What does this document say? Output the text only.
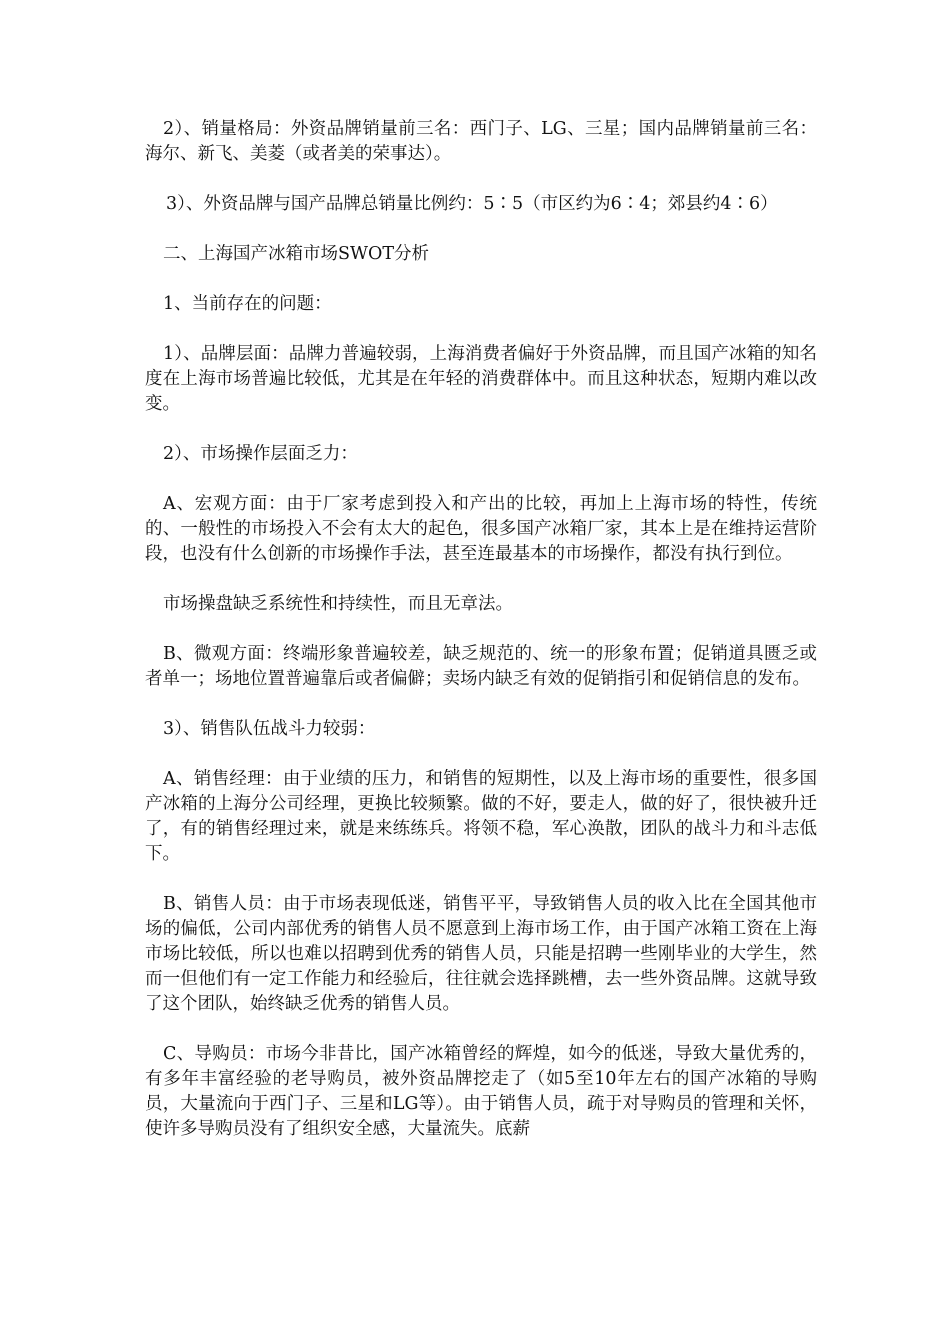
2）、销量格局：外资品牌销量前三名：西门子、LG、三星；国内品牌销量前三名：海尔、新飞、美菱（或者美的荣事达）。

3）、外资品牌与国产品牌总销量比例约：5∶5（市区约为6∶4；郊县约4∶6）

二、上海国产冰箱市场SWOT分析

1、当前存在的问题：

1）、品牌层面：品牌力普遍较弱，上海消费者偏好于外资品牌，而且国产冰箱的知名度在上海市场普遍比较低，尤其是在年轻的消费群体中。而且这种状态，短期内难以改变。

2）、市场操作层面乏力：

A、宏观方面：由于厂家考虑到投入和产出的比较，再加上上海市场的特性，传统的、一般性的市场投入不会有太大的起色，很多国产冰箱厂家，其本上是在维持运营阶段，也没有什么创新的市场操作手法，甚至连最基本的市场操作，都没有执行到位。

市场操盘缺乏系统性和持续性，而且无章法。

B、微观方面：终端形象普遍较差，缺乏规范的、统一的形象布置；促销道具匮乏或者单一；场地位置普遍靠后或者偏僻；卖场内缺乏有效的促销指引和促销信息的发布。

3）、销售队伍战斗力较弱：

A、销售经理：由于业绩的压力，和销售的短期性，以及上海市场的重要性，很多国产冰箱的上海分公司经理，更换比较频繁。做的不好，要走人，做的好了，很快被升迁了，有的销售经理过来，就是来练练兵。将领不稳，军心涣散，团队的战斗力和斗志低下。

B、销售人员：由于市场表现低迷，销售平平，导致销售人员的收入比在全国其他市场的偏低，公司内部优秀的销售人员不愿意到上海市场工作，由于国产冰箱工资在上海市场比较低，所以也难以招聘到优秀的销售人员，只能是招聘一些刚毕业的大学生，然而一但他们有一定工作能力和经验后，往往就会选择跳槽，去一些外资品牌。这就导致了这个团队，始终缺乏优秀的销售人员。

C、导购员：市场今非昔比，国产冰箱曾经的辉煌，如今的低迷，导致大量优秀的，有多年丰富经验的老导购员，被外资品牌挖走了（如5至10年左右的国产冰箱的导购员，大量流向于西门子、三星和LG等）。由于销售人员，疏于对导购员的管理和关怀，使许多导购员没有了组织安全感，大量流失。底薪
